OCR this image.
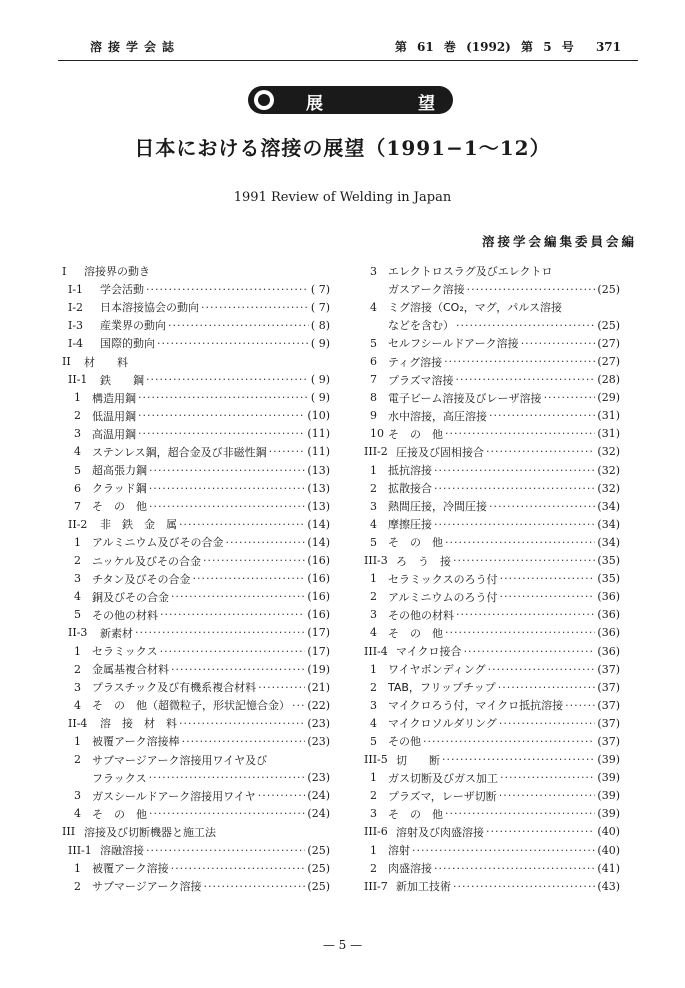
溶接学会誌	第 61 巻 (1992) 第 5 号 371
展	望
日本における溶接の展望（1991−1〜12）
1991 Review of Welding in Japan
溶接学会編集委員会編
I	溶接界の動き
I-1	学会活動 ·····	( 7)
I-2	日本溶接協会の動向 ·····	( 7)
I-3	産業界の動向 ·····	( 8)
I-4	国際的動向 ·····	( 9)
II	材　　料
II-1	鉄　　鋼 ·····	( 9)
1	構造用鋼 ·····	( 9)
2	低温用鋼 ·····	(10)
3	高温用鋼 ·····	(11)
4	ステンレス鋼，超合金及び非磁性鋼 ·····	(11)
5	超高張力鋼 ·····	(13)
6	クラッド鋼 ·····	(13)
7	そ　の　他 ·····	(13)
II-2	非　鉄　金　属 ·····	(14)
1	アルミニウム及びその合金 ·····	(14)
2	ニッケル及びその合金 ·····	(16)
3	チタン及びその合金 ·····	(16)
4	銅及びその合金 ·····	(16)
5	その他の材料 ·····	(16)
II-3	新素材 ·····	(17)
1	セラミックス ·····	(17)
2	金属基複合材料 ·····	(19)
3	プラスチック及び有機系複合材料 ·····	(21)
4	そ　の　他（超微粒子，形状記憶合金） ····· (22)
II-4	溶　接　材　料 ·····	(23)
1	被覆アーク溶接棒 ·····	(23)
2	サブマージアーク溶接用ワイヤ及び
フラックス ·····	(23)
3	ガスシールドアーク溶接用ワイヤ ·····	(24)
4	そ　の　他 ·····	(24)
III 溶接及び切断機器と施工法
III-1 溶融溶接 ·····	(25)
1	被覆アーク溶接 ·····	(25)
2	サブマージアーク溶接 ·····	(25)
3	エレクトロスラグ及びエレクトロ
ガスアーク溶接 ·····	(25)
4	ミグ溶接（CO₂，マグ，パルス溶接
などを含む） ·····	(25)
5	セルフシールドアーク溶接 ·····	(27)
6	ティグ溶接 ·····	(27)
7	プラズマ溶接 ·····	(28)
8	電子ビーム溶接及びレーザ溶接 ·····	(29)
9	水中溶接，高圧溶接 ·····	(31)
10 そ　の　他 ·····	(31)
III-2 圧接及び固相接合 ·····	(32)
1	抵抗溶接 ·····	(32)
2	拡散接合 ·····	(32)
3	熱間圧接，冷間圧接 ·····	(34)
4	摩擦圧接 ·····	(34)
5	そ　の　他 ·····	(34)
III-3 ろ　う　接 ·····	(35)
1	セラミックスのろう付 ·····	(35)
2	アルミニウムのろう付 ·····	(36)
3	その他の材料 ·····	(36)
4	そ　の　他 ·····	(36)
III-4 マイクロ接合 ·····	(36)
1	ワイヤボンディング ·····	(37)
2	TAB，フリップチップ ·····	(37)
3	マイクロろう付，マイクロ抵抗溶接 ·····	(37)
4	マイクロソルダリング ·····	(37)
5	その他 ·····	(37)
III-5 切　　断 ·····	(39)
1	ガス切断及びガス加工 ·····	(39)
2	プラズマ，レーザ切断 ·····	(39)
3	そ　の　他 ·····	(39)
III-6 溶射及び肉盛溶接 ·····	(40)
1	溶射 ·····	(40)
2	肉盛溶接 ·····	(41)
III-7 新加工技術 ·····	(43)
— 5 —
